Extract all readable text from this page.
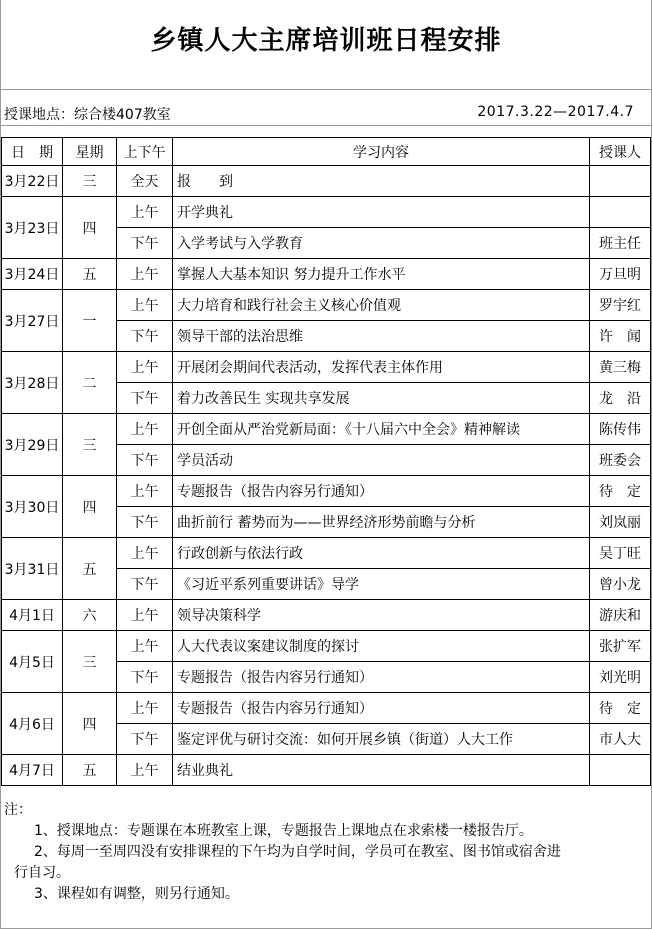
乡镇人大主席培训班日程安排
授课地点：综合楼407教室	2017.3.22—2017.4.7
日　期	星期	上下午	学习内容	授课人
3月22日	三	全天	报　　到	
3月23日	四	上午	开学典礼	
		下午	入学考试与入学教育	班主任
3月24日	五	上午	掌握人大基本知识 努力提升工作水平	万旦明
3月27日	一	上午	大力培育和践行社会主义核心价值观	罗宇红
		下午	领导干部的法治思维	许　闻
3月28日	二	上午	开展闭会期间代表活动，发挥代表主体作用	黄三梅
		下午	着力改善民生 实现共享发展	龙　沿
3月29日	三	上午	开创全面从严治党新局面：《十八届六中全会》精神解读	陈传伟
		下午	学员活动	班委会
3月30日	四	上午	专题报告（报告内容另行通知）	待　定
		下午	曲折前行 蓄势而为——世界经济形势前瞻与分析	刘岚丽
3月31日	五	上午	行政创新与依法行政	吴丁旺
		下午	《习近平系列重要讲话》导学	曾小龙
4月1日	六	上午	领导决策科学	游庆和
4月5日	三	上午	人大代表议案建议制度的探讨	张扩军
		下午	专题报告（报告内容另行通知）	刘光明
4月6日	四	上午	专题报告（报告内容另行通知）	待　定
		下午	鉴定评优与研讨交流：如何开展乡镇（街道）人大工作	市人大
4月7日	五	上午	结业典礼	
注：
1、授课地点：专题课在本班教室上课，专题报告上课地点在求索楼一楼报告厅。
2、每周一至周四没有安排课程的下午均为自学时间，学员可在教室、图书馆或宿舍进
行自习。
3、课程如有调整，则另行通知。
